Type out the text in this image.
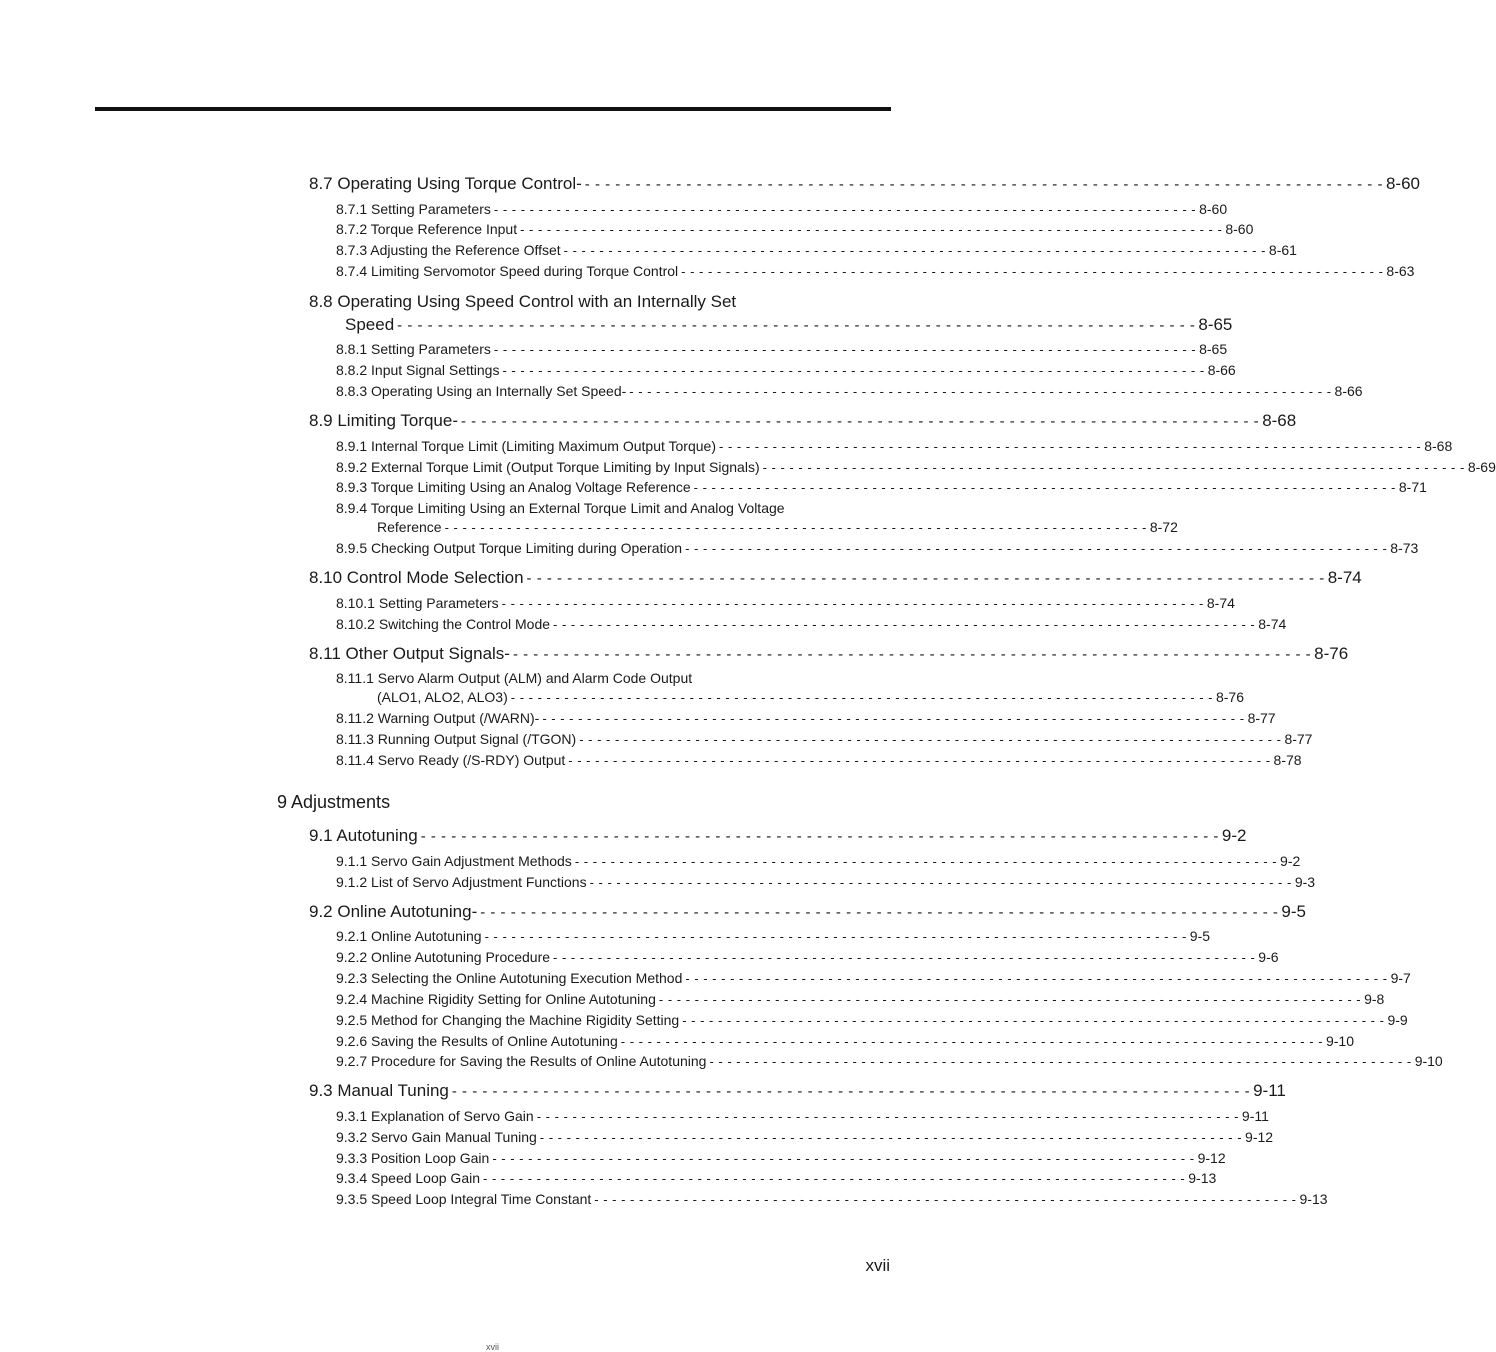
8.7 Operating Using Torque Control- - - - - - - - - - - - - - - - - - - - - - - - - - - - - - - - - - - - - - - - - - - - - - - - - - - - - - - - - - - - - - - - - - - - - - - - - - - - - - - - 8-60
8.7.1 Setting Parameters - - - - - - - - - - - - - - - - - - - - - - - - - - - - - - - - - - - - - - - - - - - - - - - - - - - - - - - - - - - - - - - - - - - - - - - - - - - - - - - 8-60
8.7.2 Torque Reference Input - - - - - - - - - - - - - - - - - - - - - - - - - - - - - - - - - - - - - - - - - - - - - - - - - - - - - - - - - - - - - - - - - - - - - - - - - - - - - - - 8-60
8.7.3 Adjusting the Reference Offset - - - - - - - - - - - - - - - - - - - - - - - - - - - - - - - - - - - - - - - - - - - - - - - - - - - - - - - - - - - - - - - - - - - - - - - - - - - - - - - 8-61
8.7.4 Limiting Servomotor Speed during Torque Control - - - - - - - - - - - - - - - - - - - - - - - - - - - - - - - - - - - - - - - - - - - - - - - - - - - - - - - - - - - - - - - - - - - - - - - - - - - - - - - 8-63
8.8 Operating Using Speed Control with an Internally Set
Speed - - - - - - - - - - - - - - - - - - - - - - - - - - - - - - - - - - - - - - - - - - - - - - - - - - - - - - - - - - - - - - - - - - - - - - - - - - - - - - - 8-65
8.8.1 Setting Parameters - - - - - - - - - - - - - - - - - - - - - - - - - - - - - - - - - - - - - - - - - - - - - - - - - - - - - - - - - - - - - - - - - - - - - - - - - - - - - - - 8-65
8.8.2 Input Signal Settings - - - - - - - - - - - - - - - - - - - - - - - - - - - - - - - - - - - - - - - - - - - - - - - - - - - - - - - - - - - - - - - - - - - - - - - - - - - - - - - 8-66
8.8.3 Operating Using an Internally Set Speed- - - - - - - - - - - - - - - - - - - - - - - - - - - - - - - - - - - - - - - - - - - - - - - - - - - - - - - - - - - - - - - - - - - - - - - - - - - - - - - - 8-66
8.9 Limiting Torque- - - - - - - - - - - - - - - - - - - - - - - - - - - - - - - - - - - - - - - - - - - - - - - - - - - - - - - - - - - - - - - - - - - - - - - - - - - - - - - - 8-68
8.9.1 Internal Torque Limit (Limiting Maximum Output Torque) - - - - - - - - - - - - - - - - - - - - - - - - - - - - - - - - - - - - - - - - - - - - - - - - - - - - - - - - - - - - - - - - - - - - - - - - - - - - - - - 8-68
8.9.2 External Torque Limit (Output Torque Limiting by Input Signals) - - - - - - - - - - - - - - - - - - - - - - - - - - - - - - - - - - - - - - - - - - - - - - - - - - - - - - - - - - - - - - - - - - - - - - - - - - - - - - - 8-69
8.9.3 Torque Limiting Using an Analog Voltage Reference - - - - - - - - - - - - - - - - - - - - - - - - - - - - - - - - - - - - - - - - - - - - - - - - - - - - - - - - - - - - - - - - - - - - - - - - - - - - - - - 8-71
8.9.4 Torque Limiting Using an External Torque Limit and Analog Voltage
Reference - - - - - - - - - - - - - - - - - - - - - - - - - - - - - - - - - - - - - - - - - - - - - - - - - - - - - - - - - - - - - - - - - - - - - - - - - - - - - - - 8-72
8.9.5 Checking Output Torque Limiting during Operation - - - - - - - - - - - - - - - - - - - - - - - - - - - - - - - - - - - - - - - - - - - - - - - - - - - - - - - - - - - - - - - - - - - - - - - - - - - - - - - 8-73
8.10 Control Mode Selection - - - - - - - - - - - - - - - - - - - - - - - - - - - - - - - - - - - - - - - - - - - - - - - - - - - - - - - - - - - - - - - - - - - - - - - - - - - - - - - 8-74
8.10.1 Setting Parameters - - - - - - - - - - - - - - - - - - - - - - - - - - - - - - - - - - - - - - - - - - - - - - - - - - - - - - - - - - - - - - - - - - - - - - - - - - - - - - - 8-74
8.10.2 Switching the Control Mode - - - - - - - - - - - - - - - - - - - - - - - - - - - - - - - - - - - - - - - - - - - - - - - - - - - - - - - - - - - - - - - - - - - - - - - - - - - - - - - 8-74
8.11 Other Output Signals- - - - - - - - - - - - - - - - - - - - - - - - - - - - - - - - - - - - - - - - - - - - - - - - - - - - - - - - - - - - - - - - - - - - - - - - - - - - - - - - 8-76
8.11.1 Servo Alarm Output (ALM) and Alarm Code Output
(ALO1, ALO2, ALO3) - - - - - - - - - - - - - - - - - - - - - - - - - - - - - - - - - - - - - - - - - - - - - - - - - - - - - - - - - - - - - - - - - - - - - - - - - - - - - - - 8-76
8.11.2 Warning Output (/WARN)- - - - - - - - - - - - - - - - - - - - - - - - - - - - - - - - - - - - - - - - - - - - - - - - - - - - - - - - - - - - - - - - - - - - - - - - - - - - - - - - 8-77
8.11.3 Running Output Signal (/TGON) - - - - - - - - - - - - - - - - - - - - - - - - - - - - - - - - - - - - - - - - - - - - - - - - - - - - - - - - - - - - - - - - - - - - - - - - - - - - - - - 8-77
8.11.4 Servo Ready (/S-RDY) Output - - - - - - - - - - - - - - - - - - - - - - - - - - - - - - - - - - - - - - - - - - - - - - - - - - - - - - - - - - - - - - - - - - - - - - - - - - - - - - - 8-78
9 Adjustments
9.1 Autotuning - - - - - - - - - - - - - - - - - - - - - - - - - - - - - - - - - - - - - - - - - - - - - - - - - - - - - - - - - - - - - - - - - - - - - - - - - - - - - - - 9-2
9.1.1 Servo Gain Adjustment Methods - - - - - - - - - - - - - - - - - - - - - - - - - - - - - - - - - - - - - - - - - - - - - - - - - - - - - - - - - - - - - - - - - - - - - - - - - - - - - - - 9-2
9.1.2 List of Servo Adjustment Functions - - - - - - - - - - - - - - - - - - - - - - - - - - - - - - - - - - - - - - - - - - - - - - - - - - - - - - - - - - - - - - - - - - - - - - - - - - - - - - - 9-3
9.2 Online Autotuning- - - - - - - - - - - - - - - - - - - - - - - - - - - - - - - - - - - - - - - - - - - - - - - - - - - - - - - - - - - - - - - - - - - - - - - - - - - - - - - - 9-5
9.2.1 Online Autotuning - - - - - - - - - - - - - - - - - - - - - - - - - - - - - - - - - - - - - - - - - - - - - - - - - - - - - - - - - - - - - - - - - - - - - - - - - - - - - - - 9-5
9.2.2 Online Autotuning Procedure - - - - - - - - - - - - - - - - - - - - - - - - - - - - - - - - - - - - - - - - - - - - - - - - - - - - - - - - - - - - - - - - - - - - - - - - - - - - - - - 9-6
9.2.3 Selecting the Online Autotuning Execution Method - - - - - - - - - - - - - - - - - - - - - - - - - - - - - - - - - - - - - - - - - - - - - - - - - - - - - - - - - - - - - - - - - - - - - - - - - - - - - - - 9-7
9.2.4 Machine Rigidity Setting for Online Autotuning - - - - - - - - - - - - - - - - - - - - - - - - - - - - - - - - - - - - - - - - - - - - - - - - - - - - - - - - - - - - - - - - - - - - - - - - - - - - - - - 9-8
9.2.5 Method for Changing the Machine Rigidity Setting - - - - - - - - - - - - - - - - - - - - - - - - - - - - - - - - - - - - - - - - - - - - - - - - - - - - - - - - - - - - - - - - - - - - - - - - - - - - - - - 9-9
9.2.6 Saving the Results of Online Autotuning - - - - - - - - - - - - - - - - - - - - - - - - - - - - - - - - - - - - - - - - - - - - - - - - - - - - - - - - - - - - - - - - - - - - - - - - - - - - - - - 9-10
9.2.7 Procedure for Saving the Results of Online Autotuning - - - - - - - - - - - - - - - - - - - - - - - - - - - - - - - - - - - - - - - - - - - - - - - - - - - - - - - - - - - - - - - - - - - - - - - - - - - - - - - 9-10
9.3 Manual Tuning - - - - - - - - - - - - - - - - - - - - - - - - - - - - - - - - - - - - - - - - - - - - - - - - - - - - - - - - - - - - - - - - - - - - - - - - - - - - - - - 9-11
9.3.1 Explanation of Servo Gain - - - - - - - - - - - - - - - - - - - - - - - - - - - - - - - - - - - - - - - - - - - - - - - - - - - - - - - - - - - - - - - - - - - - - - - - - - - - - - - 9-11
9.3.2 Servo Gain Manual Tuning - - - - - - - - - - - - - - - - - - - - - - - - - - - - - - - - - - - - - - - - - - - - - - - - - - - - - - - - - - - - - - - - - - - - - - - - - - - - - - - 9-12
9.3.3 Position Loop Gain - - - - - - - - - - - - - - - - - - - - - - - - - - - - - - - - - - - - - - - - - - - - - - - - - - - - - - - - - - - - - - - - - - - - - - - - - - - - - - - 9-12
9.3.4 Speed Loop Gain - - - - - - - - - - - - - - - - - - - - - - - - - - - - - - - - - - - - - - - - - - - - - - - - - - - - - - - - - - - - - - - - - - - - - - - - - - - - - - - 9-13
9.3.5 Speed Loop Integral Time Constant - - - - - - - - - - - - - - - - - - - - - - - - - - - - - - - - - - - - - - - - - - - - - - - - - - - - - - - - - - - - - - - - - - - - - - - - - - - - - - - 9-13
xvii
xvii
